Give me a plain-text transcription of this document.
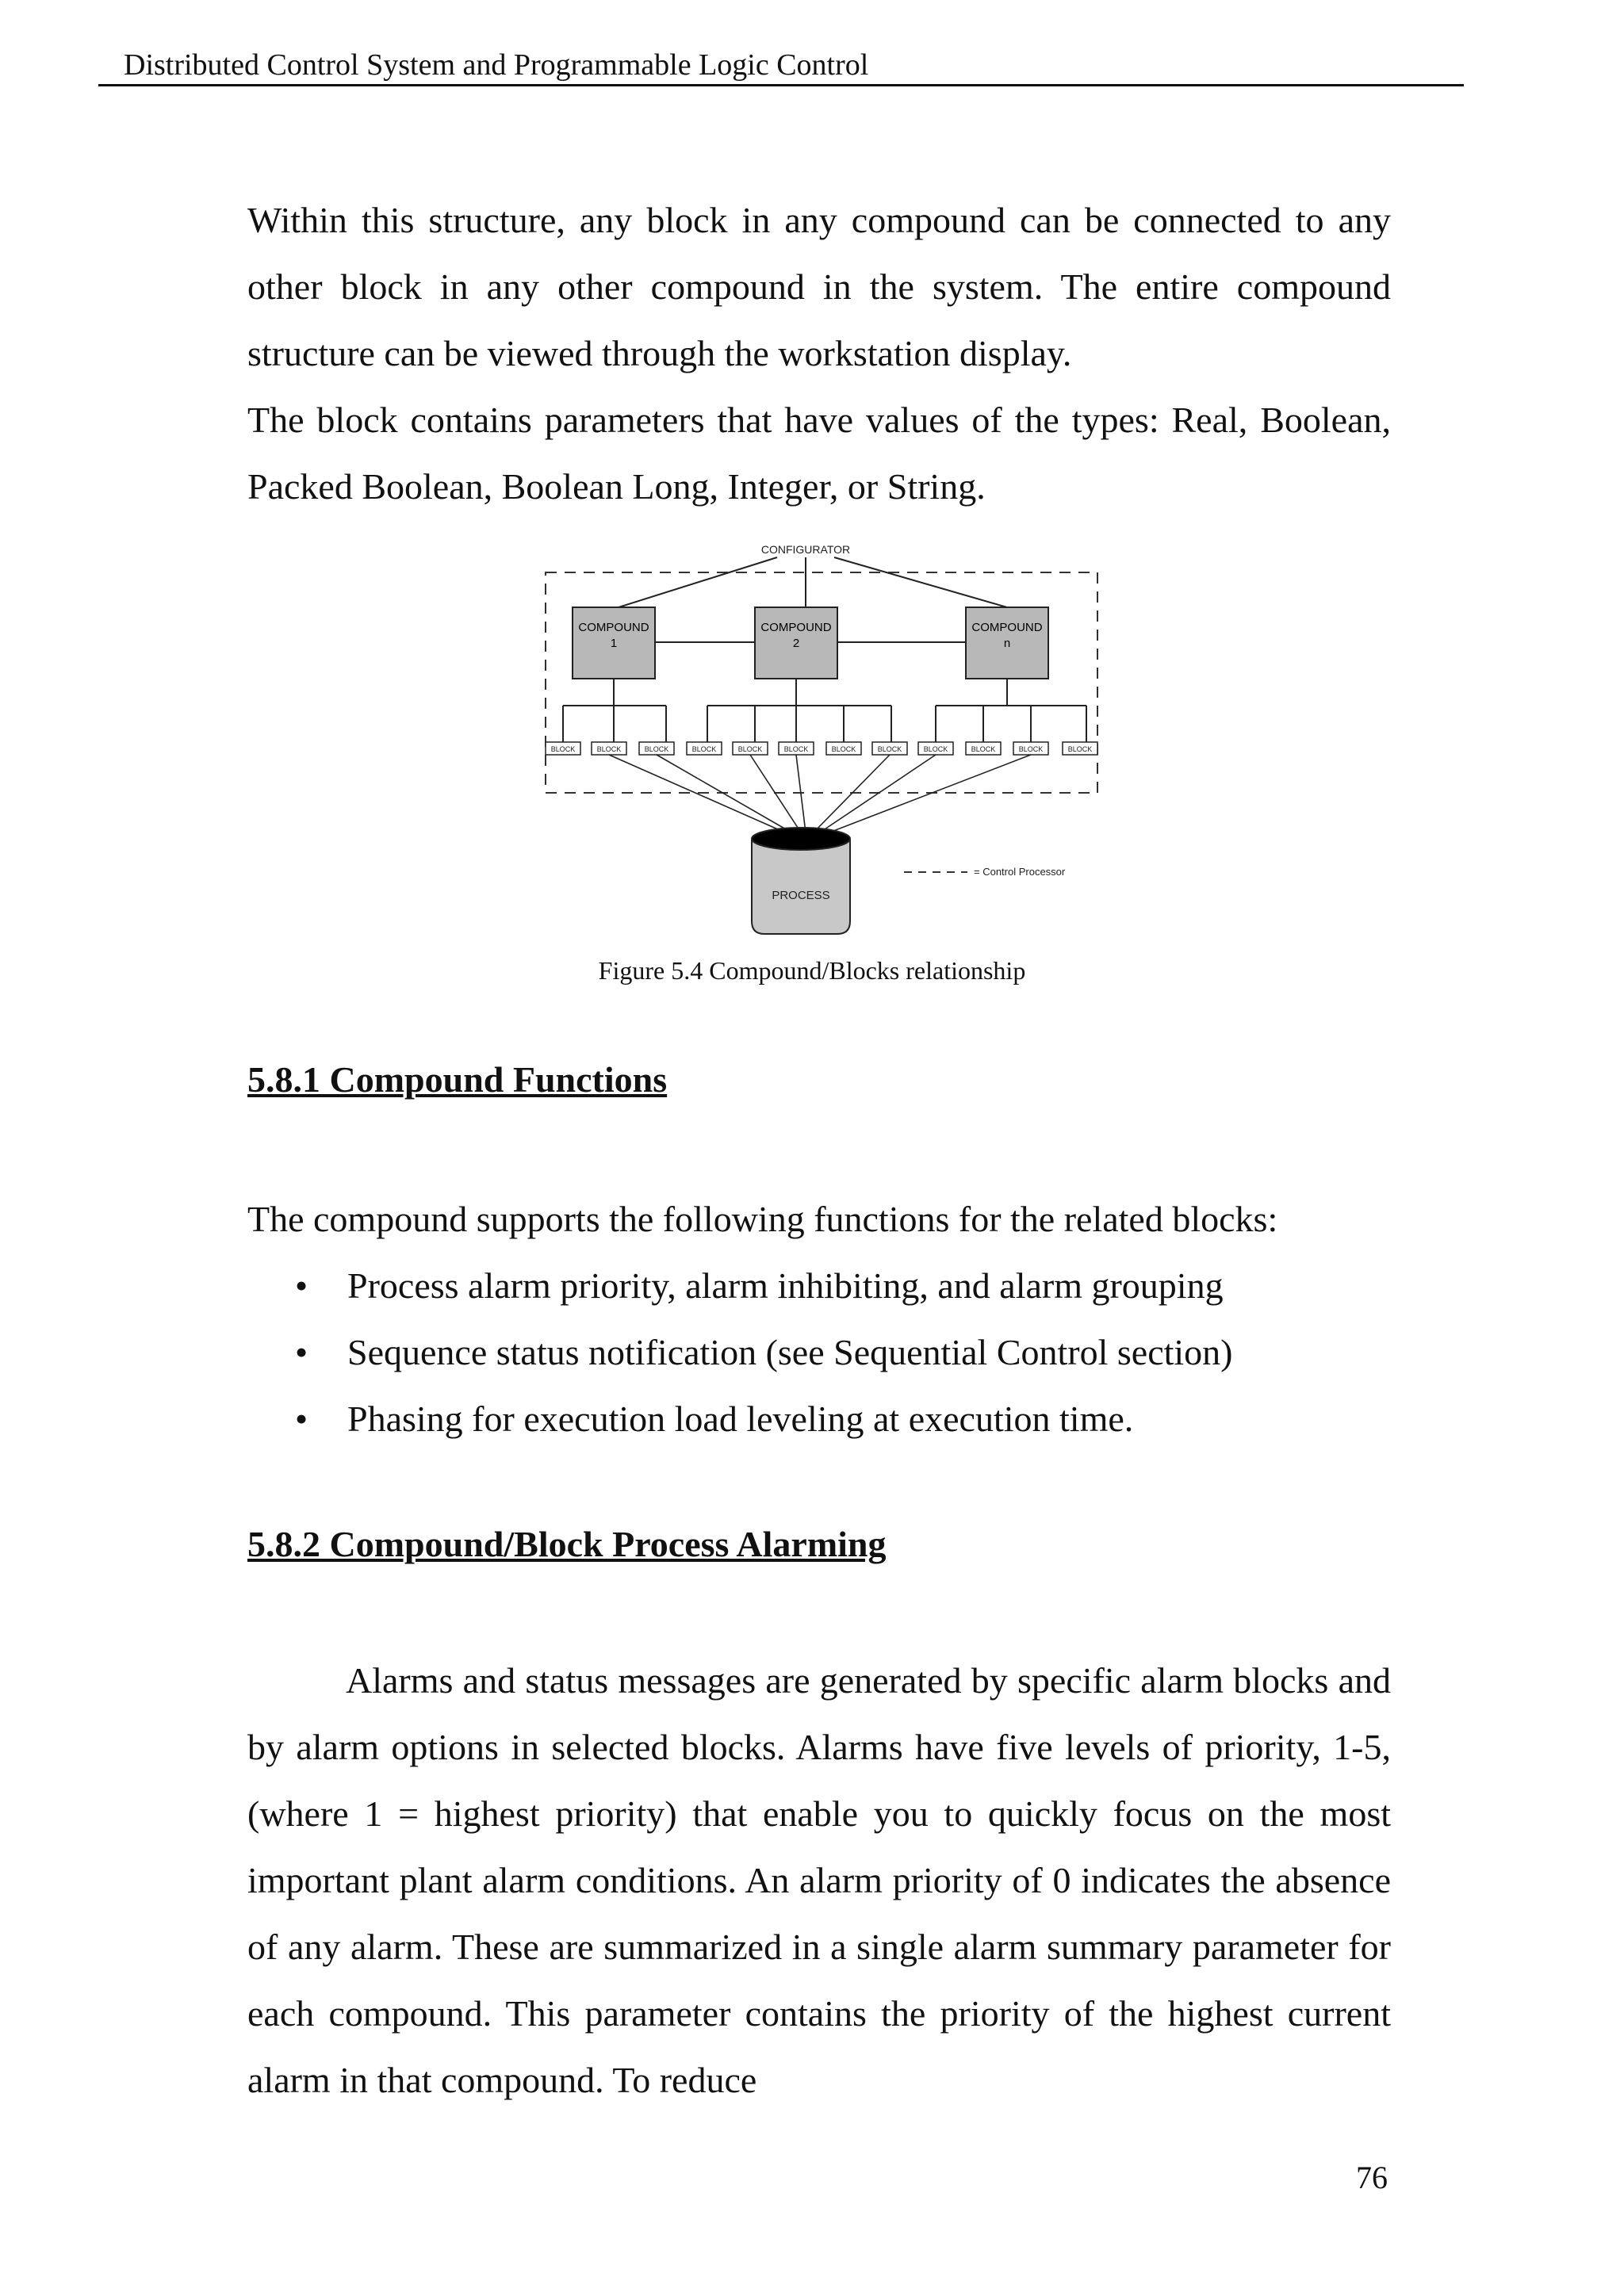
Distributed Control System and Programmable Logic Control
Within this structure, any block in any compound can be connected to any other block in any other compound in the system. The entire compound structure can be viewed through the workstation display.
The block contains parameters that have values of the types: Real, Boolean, Packed Boolean, Boolean Long, Integer, or String.
CONFIGURATOR
COMPOUND
1
COMPOUND
2
COMPOUND
n
BLOCK	BLOCK	BLOCK	BLOCK	BLOCK	BLOCK	BLOCK	BLOCK	BLOCK	BLOCK	BLOCK	BLOCK
PROCESS
= Control Processor
Figure 5.4 Compound/Blocks relationship
5.8.1 Compound Functions
The compound supports the following functions for the related blocks:
• Process alarm priority, alarm inhibiting, and alarm grouping
• Sequence status notification (see Sequential Control section)
• Phasing for execution load leveling at execution time.
5.8.2 Compound/Block Process Alarming
Alarms and status messages are generated by specific alarm blocks and by alarm options in selected blocks. Alarms have five levels of priority, 1-5, (where 1 = highest priority) that enable you to quickly focus on the most important plant alarm conditions. An alarm priority of 0 indicates the absence of any alarm. These are summarized in a single alarm summary parameter for each compound. This parameter contains the priority of the highest current alarm in that compound. To reduce
76
